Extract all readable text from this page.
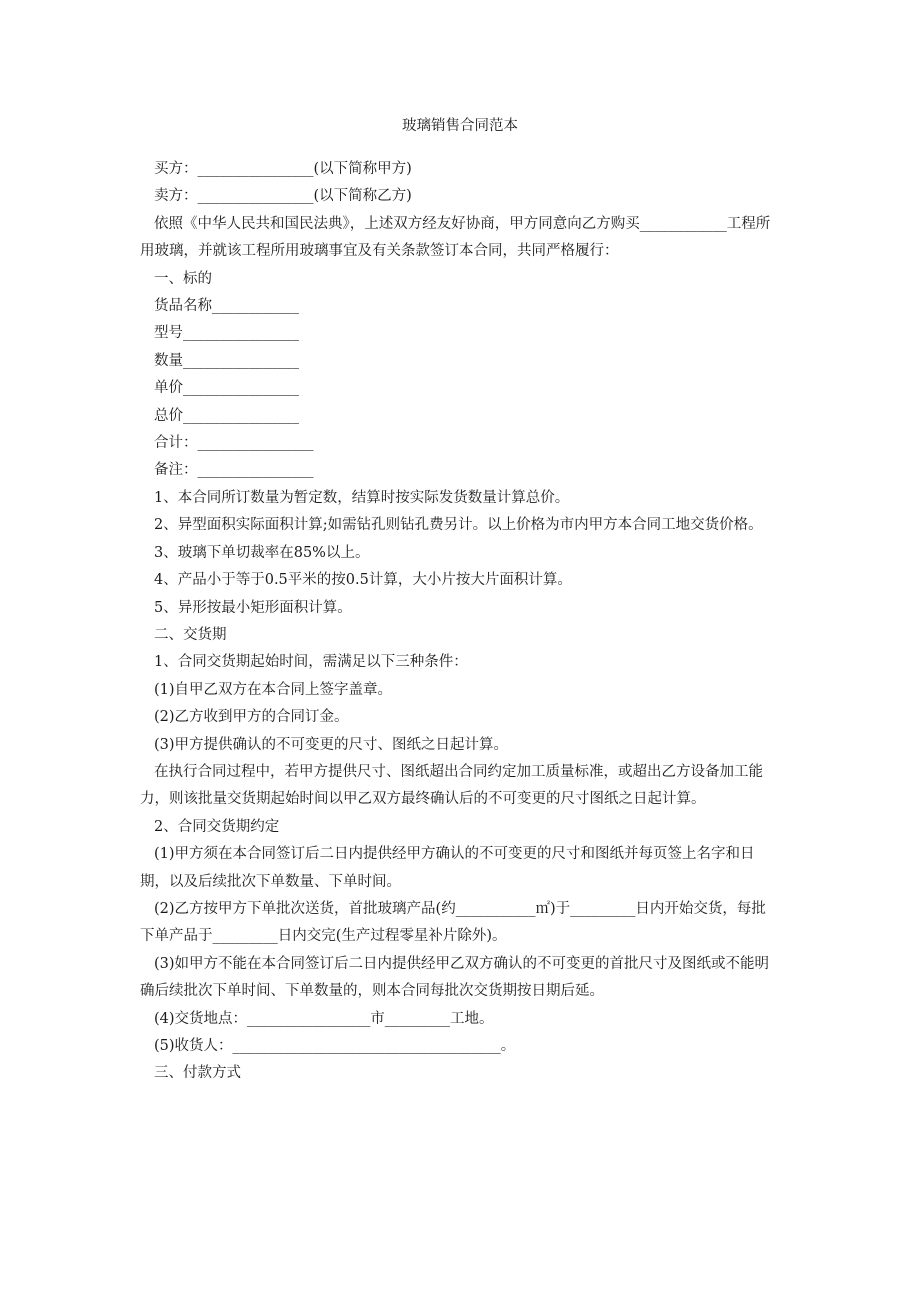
玻璃销售合同范本

买方：________________(以下简称甲方)

卖方：________________(以下简称乙方)

依照《中华人民共和国民法典》，上述双方经友好协商，甲方同意向乙方购买____________工程所用玻璃，并就该工程所用玻璃事宜及有关条款签订本合同，共同严格履行：

一、标的

货品名称____________

型号________________

数量________________

单价________________

总价________________

合计：________________

备注：________________

1、本合同所订数量为暂定数，结算时按实际发货数量计算总价。

2、异型面积实际面积计算;如需钻孔则钻孔费另计。以上价格为市内甲方本合同工地交货价格。

3、玻璃下单切裁率在85%以上。

4、产品小于等于0.5平米的按0.5计算，大小片按大片面积计算。

5、异形按最小矩形面积计算。

二、交货期

1、合同交货期起始时间，需满足以下三种条件：

(1)自甲乙双方在本合同上签字盖章。

(2)乙方收到甲方的合同订金。

(3)甲方提供确认的不可变更的尺寸、图纸之日起计算。

在执行合同过程中，若甲方提供尺寸、图纸超出合同约定加工质量标准，或超出乙方设备加工能力，则该批量交货期起始时间以甲乙双方最终确认后的不可变更的尺寸图纸之日起计算。

2、合同交货期约定

(1)甲方须在本合同签订后二日内提供经甲方确认的不可变更的尺寸和图纸并每页签上名字和日期，以及后续批次下单数量、下单时间。

(2)乙方按甲方下单批次送货，首批玻璃产品(约___________㎡)于_________日内开始交货，每批下单产品于_________日内交完(生产过程零星补片除外)。

(3)如甲方不能在本合同签订后二日内提供经甲乙双方确认的不可变更的首批尺寸及图纸或不能明确后续批次下单时间、下单数量的，则本合同每批次交货期按日期后延。

(4)交货地点：_________________市_________工地。

(5)收货人：_____________________________________。

三、付款方式
